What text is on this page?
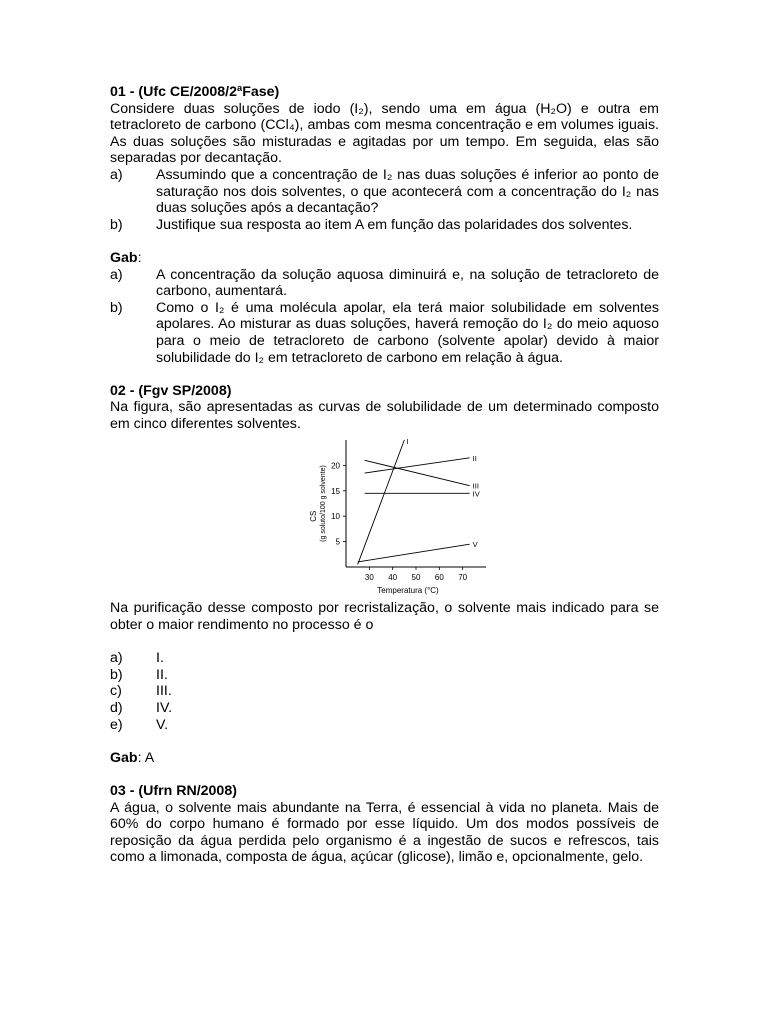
01 - (Ufc CE/2008/2ªFase)

Considere duas soluções de iodo (I₂), sendo uma em água (H₂O) e outra em tetracloreto de carbono (CCl₄), ambas com mesma concentração e em volumes iguais. As duas soluções são misturadas e agitadas por um tempo. Em seguida, elas são separadas por decantação.

a)	Assumindo que a concentração de I₂ nas duas soluções é inferior ao ponto de saturação nos dois solventes, o que acontecerá com a concentração do I₂ nas duas soluções após a decantação?
b)	Justifique sua resposta ao item A em função das polaridades dos solventes.

Gab:

a)	A concentração da solução aquosa diminuirá e, na solução de tetracloreto de carbono, aumentará.
b)	Como o I₂ é uma molécula apolar, ela terá maior solubilidade em solventes apolares. Ao misturar as duas soluções, haverá remoção do I₂ do meio aquoso para o meio de tetracloreto de carbono (solvente apolar) devido à maior solubilidade do I₂ em tetracloreto de carbono em relação à água.

02 - (Fgv SP/2008)

Na figura, são apresentadas as curvas de solubilidade de um determinado composto em cinco diferentes solventes.

30 40 50 60 70
5
10
15
20
I
II
III
IV
V
Temperatura (°C)
CS (g soluto/100 g solvente)

Na purificação desse composto por recristalização, o solvente mais indicado para se obter o maior rendimento no processo é o

a)	I.
b)	II.
c)	III.
d)	IV.
e)	V.

Gab: A

03 - (Ufrn RN/2008)

A água, o solvente mais abundante na Terra, é essencial à vida no planeta. Mais de 60% do corpo humano é formado por esse líquido. Um dos modos possíveis de reposição da água perdida pelo organismo é a ingestão de sucos e refrescos, tais como a limonada, composta de água, açúcar (glicose), limão e, opcionalmente, gelo.
